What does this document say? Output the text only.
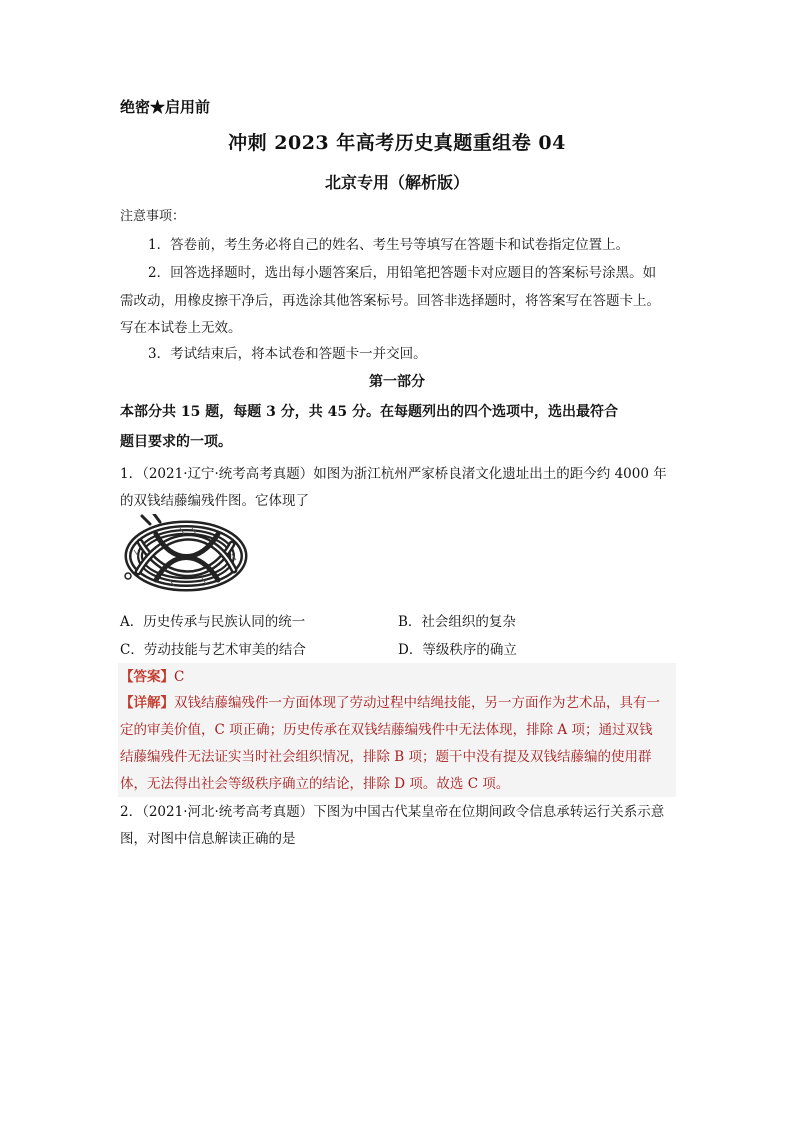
绝密★启用前
冲刺 2023 年高考历史真题重组卷 04
北京专用（解析版）
注意事项：
1．答卷前，考生务必将自己的姓名、考生号等填写在答题卡和试卷指定位置上。
2．回答选择题时，选出每小题答案后，用铅笔把答题卡对应题目的答案标号涂黑。如
需改动，用橡皮擦干净后，再选涂其他答案标号。回答非选择题时，将答案写在答题卡上。
写在本试卷上无效。
3．考试结束后，将本试卷和答题卡一并交回。
第一部分
本部分共 15 题，每题 3 分，共 45 分。在每题列出的四个选项中，选出最符合
题目要求的一项。
1．（2021·辽宁·统考高考真题）如图为浙江杭州严家桥良渚文化遗址出土的距今约 4000 年
的双钱结藤编残件图。它体现了
A．历史传承与民族认同的统一	B．社会组织的复杂
C．劳动技能与艺术审美的结合	D．等级秩序的确立
【答案】C
【详解】双钱结藤编残件一方面体现了劳动过程中结绳技能，另一方面作为艺术品，具有一
定的审美价值，C 项正确；历史传承在双钱结藤编残件中无法体现，排除 A 项；通过双钱
结藤编残件无法证实当时社会组织情况，排除 B 项；题干中没有提及双钱结藤编的使用群
体，无法得出社会等级秩序确立的结论，排除 D 项。故选 C 项。
2．（2021·河北·统考高考真题）下图为中国古代某皇帝在位期间政令信息承转运行关系示意
图，对图中信息解读正确的是
